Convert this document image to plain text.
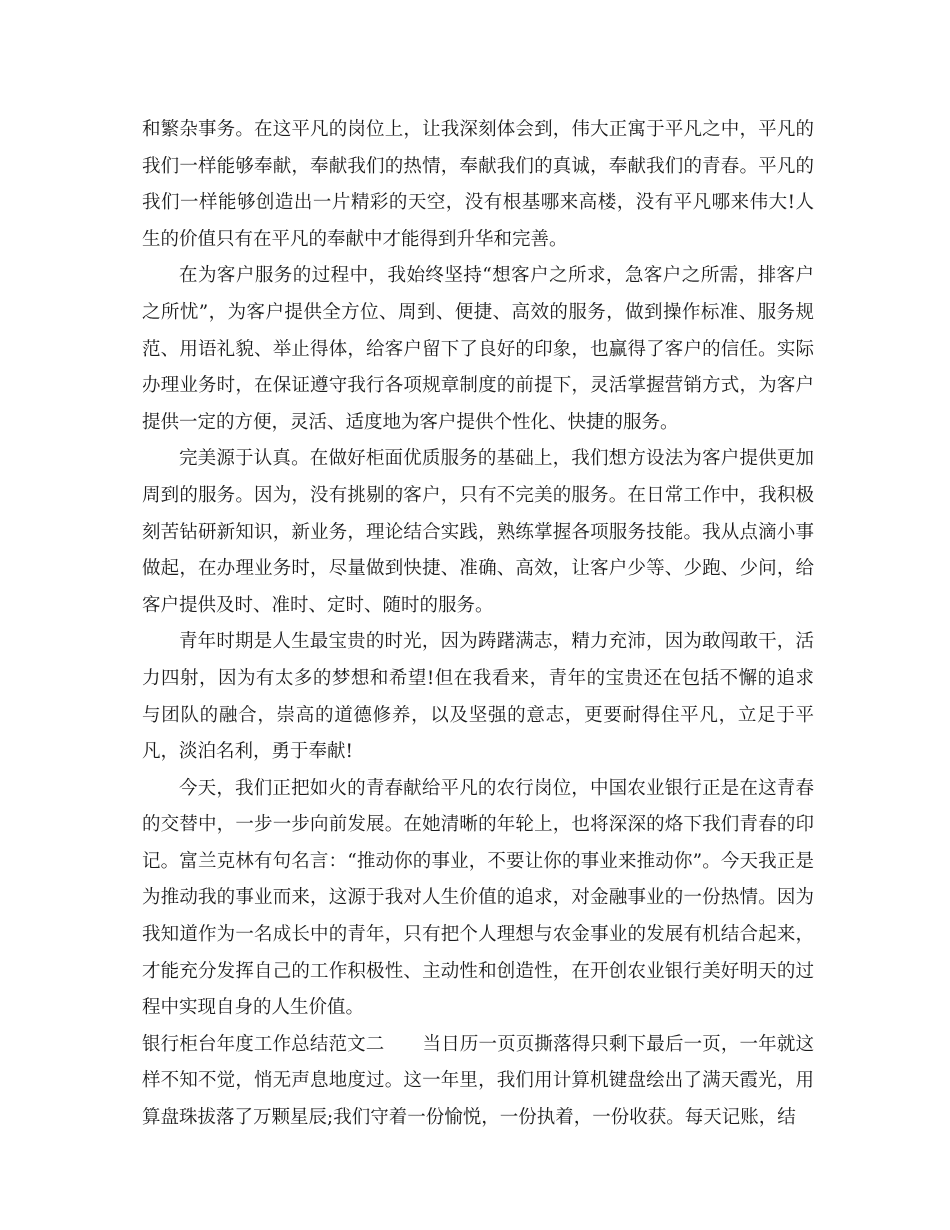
和繁杂事务。在这平凡的岗位上，让我深刻体会到，伟大正寓于平凡之中，平凡的我们一样能够奉献，奉献我们的热情，奉献我们的真诚，奉献我们的青春。平凡的我们一样能够创造出一片精彩的天空，没有根基哪来高楼，没有平凡哪来伟大!人生的价值只有在平凡的奉献中才能得到升华和完善。

在为客户服务的过程中，我始终坚持“想客户之所求，急客户之所需，排客户之所忧”，为客户提供全方位、周到、便捷、高效的服务，做到操作标准、服务规范、用语礼貌、举止得体，给客户留下了良好的印象，也赢得了客户的信任。实际办理业务时，在保证遵守我行各项规章制度的前提下，灵活掌握营销方式，为客户提供一定的方便，灵活、适度地为客户提供个性化、快捷的服务。

完美源于认真。在做好柜面优质服务的基础上，我们想方设法为客户提供更加周到的服务。因为，没有挑剔的客户，只有不完美的服务。在日常工作中，我积极刻苦钻研新知识，新业务，理论结合实践，熟练掌握各项服务技能。我从点滴小事做起，在办理业务时，尽量做到快捷、准确、高效，让客户少等、少跑、少问，给客户提供及时、准时、定时、随时的服务。

青年时期是人生最宝贵的时光，因为踌躇满志，精力充沛，因为敢闯敢干，活力四射，因为有太多的梦想和希望!但在我看来，青年的宝贵还在包括不懈的追求与团队的融合，崇高的道德修养，以及坚强的意志，更要耐得住平凡，立足于平凡，淡泊名利，勇于奉献!

今天，我们正把如火的青春献给平凡的农行岗位，中国农业银行正是在这青春的交替中，一步一步向前发展。在她清晰的年轮上，也将深深的烙下我们青春的印记。富兰克林有句名言：“推动你的事业，不要让你的事业来推动你”。今天我正是为推动我的事业而来，这源于我对人生价值的追求，对金融事业的一份热情。因为我知道作为一名成长中的青年，只有把个人理想与农金事业的发展有机结合起来，才能充分发挥自己的工作积极性、主动性和创造性，在开创农业银行美好明天的过程中实现自身的人生价值。

银行柜台年度工作总结范文二 当日历一页页撕落得只剩下最后一页，一年就这样不知不觉，悄无声息地度过。这一年里，我们用计算机键盘绘出了满天霞光，用算盘珠拔落了万颗星辰;我们守着一份愉悦，一份执着，一份收获。每天记账，结
